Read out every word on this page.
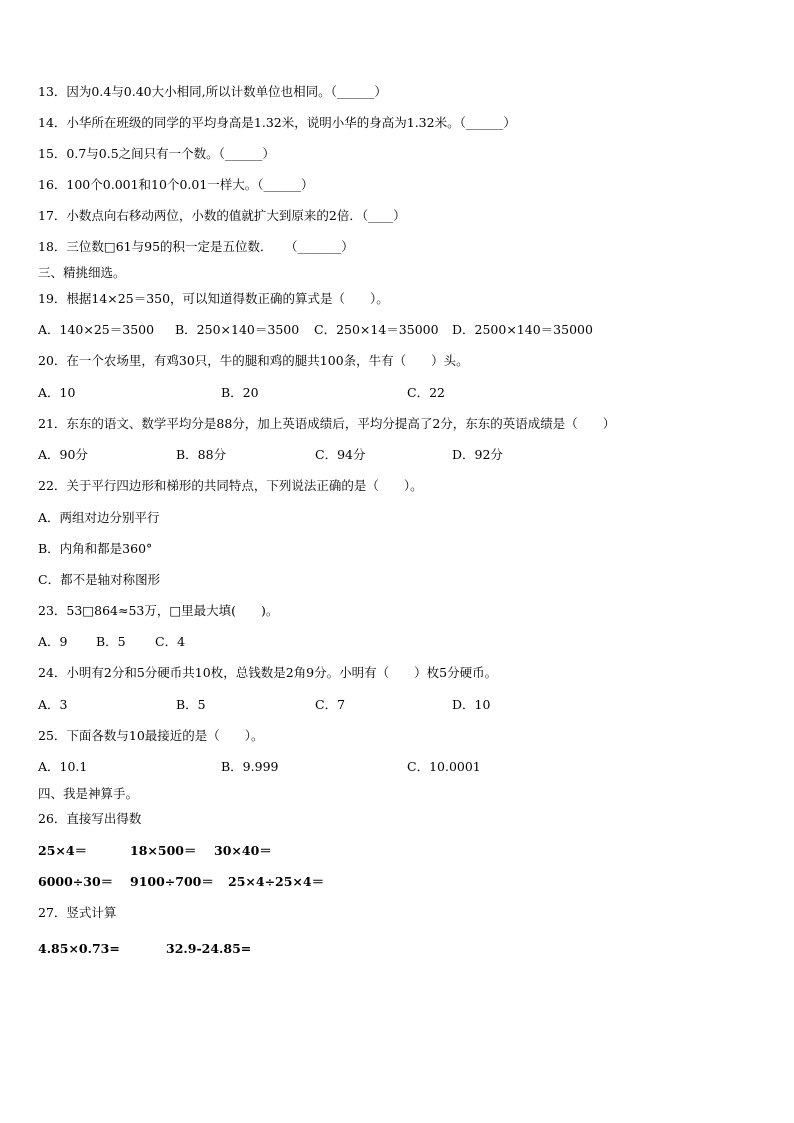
13．因为0.4与0.40大小相同,所以计数单位也相同。（______）
14．小华所在班级的同学的平均身高是1.32米，说明小华的身高为1.32米。（______）
15．0.7与0.5之间只有一个数。（______）
16．100个0.001和10个0.01一样大。（______）
17．小数点向右移动两位，小数的值就扩大到原来的2倍．（____）
18．三位数□61与95的积一定是五位数．　　（_______）
三、精挑细选。
19．根据14×25＝350，可以知道得数正确的算式是（　　）。
A．140×25＝3500 B．250×140＝3500 C．250×14＝35000 D．2500×140＝35000
20．在一个农场里，有鸡30只，牛的腿和鸡的腿共100条，牛有（　　）头。
A．10	B．20	C．22
21．东东的语文、数学平均分是88分，加上英语成绩后，平均分提高了2分，东东的英语成绩是（　　）
A．90分	B．88分	C．94分	D．92分
22．关于平行四边形和梯形的共同特点，下列说法正确的是（　　）。
A．两组对边分别平行
B．内角和都是360°
C．都不是轴对称图形
23．53□864≈53万，□里最大填(　　)。
A．9 B．5 C．4
24．小明有2分和5分硬币共10枚，总钱数是2角9分。小明有（　　）枚5分硬币。
A．3	B．5	C．7	D．10
25．下面各数与10最接近的是（　　）。
A．10.1	B．9.999	C．10.0001
四、我是神算手。
26．直接写出得数
25×4＝	18×500＝ 30×40＝
6000÷30＝ 9100÷700＝ 25×4÷25×4＝
27．竖式计算
4.85×0.73=	32.9-24.85=
